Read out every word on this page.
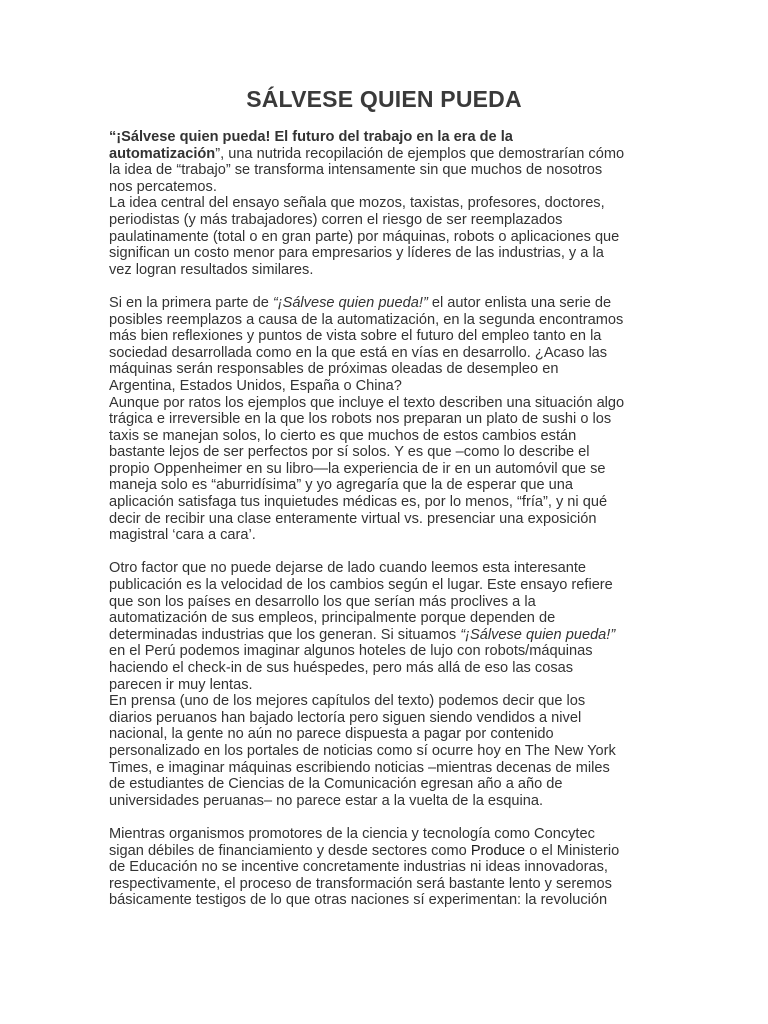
SÁLVESE QUIEN PUEDA
“¡Sálvese quien pueda! El futuro del trabajo en la era de la
automatización”, una nutrida recopilación de ejemplos que demostrarían cómo
la idea de “trabajo” se transforma intensamente sin que muchos de nosotros
nos percatemos.
La idea central del ensayo señala que mozos, taxistas, profesores, doctores,
periodistas (y más trabajadores) corren el riesgo de ser reemplazados
paulatinamente (total o en gran parte) por máquinas, robots o aplicaciones que
significan un costo menor para empresarios y líderes de las industrias, y a la
vez logran resultados similares.
Si en la primera parte de “¡Sálvese quien pueda!” el autor enlista una serie de
posibles reemplazos a causa de la automatización, en la segunda encontramos
más bien reflexiones y puntos de vista sobre el futuro del empleo tanto en la
sociedad desarrollada como en la que está en vías en desarrollo. ¿Acaso las
máquinas serán responsables de próximas oleadas de desempleo en
Argentina, Estados Unidos, España o China?
Aunque por ratos los ejemplos que incluye el texto describen una situación algo
trágica e irreversible en la que los robots nos preparan un plato de sushi o los
taxis se manejan solos, lo cierto es que muchos de estos cambios están
bastante lejos de ser perfectos por sí solos. Y es que –como lo describe el
propio Oppenheimer en su libro—la experiencia de ir en un automóvil que se
maneja solo es “aburridísima” y yo agregaría que la de esperar que una
aplicación satisfaga tus inquietudes médicas es, por lo menos, “fría”, y ni qué
decir de recibir una clase enteramente virtual vs. presenciar una exposición
magistral ‘cara a cara’.
Otro factor que no puede dejarse de lado cuando leemos esta interesante
publicación es la velocidad de los cambios según el lugar. Este ensayo refiere
que son los países en desarrollo los que serían más proclives a la
automatización de sus empleos, principalmente porque dependen de
determinadas industrias que los generan. Si situamos “¡Sálvese quien pueda!”
en el Perú podemos imaginar algunos hoteles de lujo con robots/máquinas
haciendo el check-in de sus huéspedes, pero más allá de eso las cosas
parecen ir muy lentas.
En prensa (uno de los mejores capítulos del texto) podemos decir que los
diarios peruanos han bajado lectoría pero siguen siendo vendidos a nivel
nacional, la gente no aún no parece dispuesta a pagar por contenido
personalizado en los portales de noticias como sí ocurre hoy en The New York
Times, e imaginar máquinas escribiendo noticias –mientras decenas de miles
de estudiantes de Ciencias de la Comunicación egresan año a año de
universidades peruanas– no parece estar a la vuelta de la esquina.
Mientras organismos promotores de la ciencia y tecnología como Concytec
sigan débiles de financiamiento y desde sectores como Produce o el Ministerio
de Educación no se incentive concretamente industrias ni ideas innovadoras,
respectivamente, el proceso de transformación será bastante lento y seremos
básicamente testigos de lo que otras naciones sí experimentan: la revolución
